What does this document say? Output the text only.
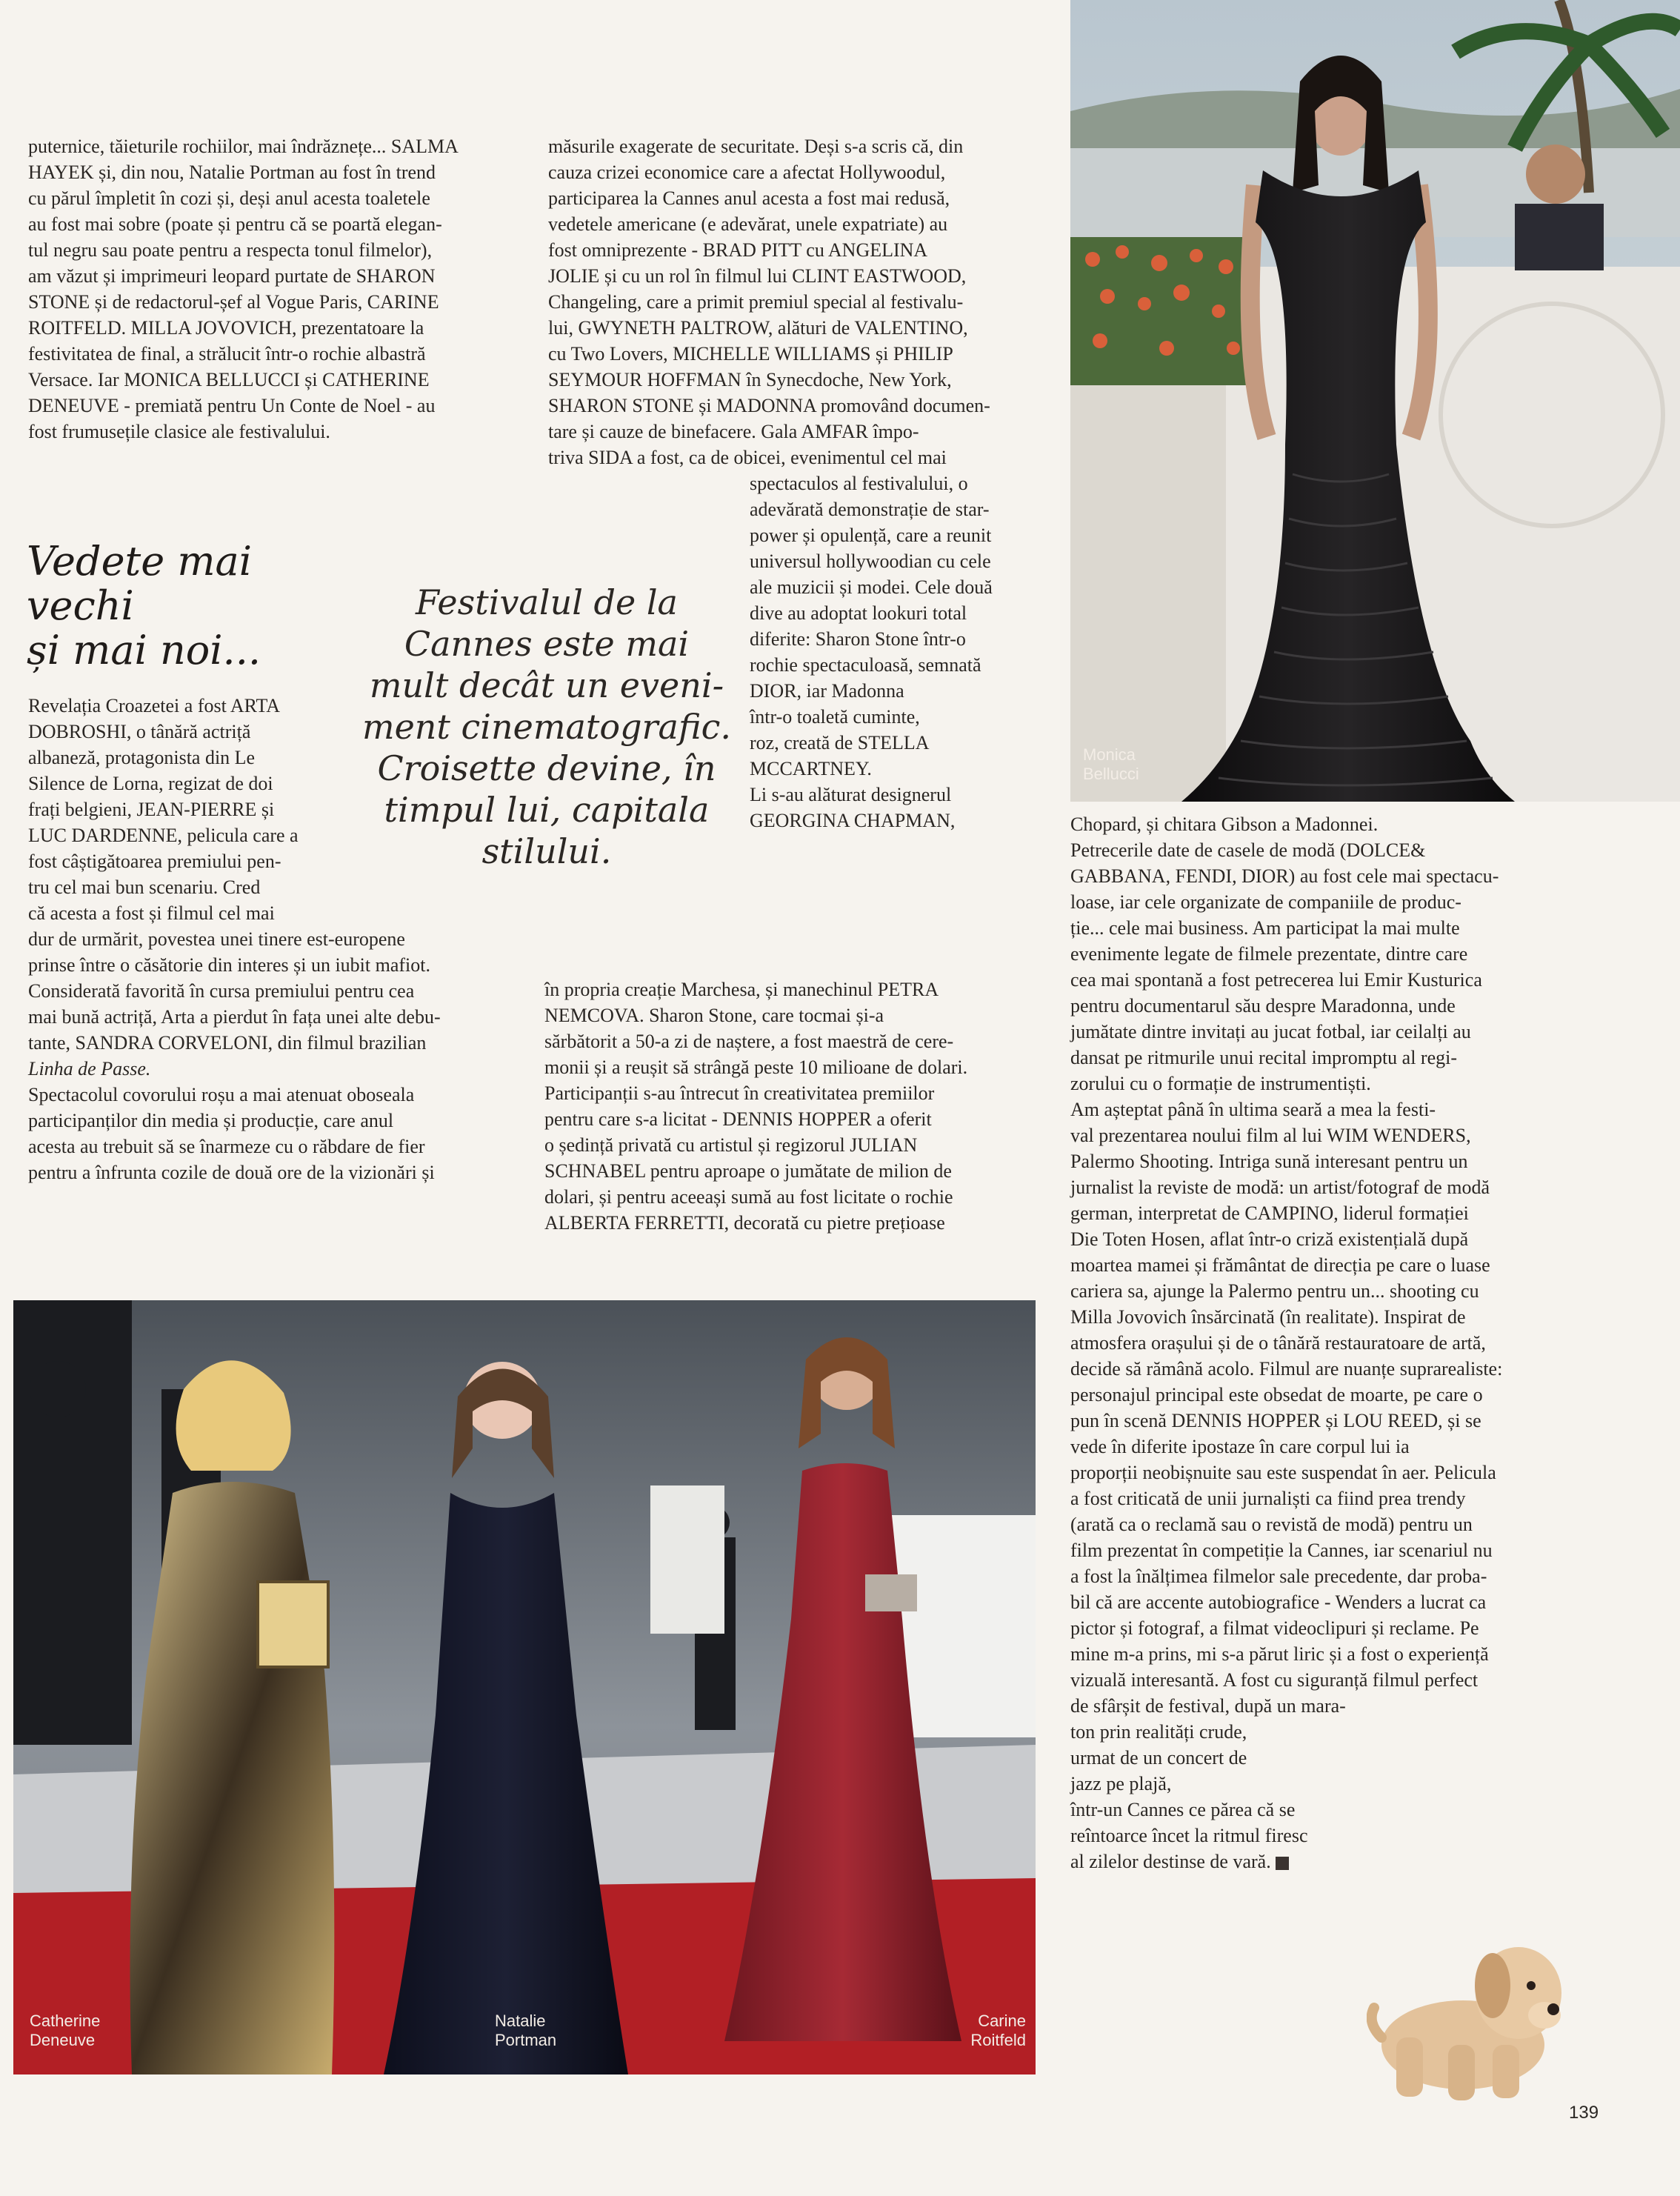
puternice, tăieturile rochiilor, mai îndrăznețe... SALMA
HAYEK și, din nou, Natalie Portman au fost în trend
cu părul împletit în cozi și, deși anul acesta toaletele
au fost mai sobre (poate și pentru că se poartă elegan-
tul negru sau poate pentru a respecta tonul filmelor),
am văzut și imprimeuri leopard purtate de SHARON
STONE și de redactorul-șef al Vogue Paris, CARINE
ROITFELD. MILLA JOVOVICH, prezentatoare la
festivitatea de final, a strălucit într-o rochie albastră
Versace. Iar MONICA BELLUCCI și CATHERINE
DENEUVE - premiată pentru Un Conte de Noel - au
fost frumusețile clasice ale festivalului.
Vedete mai
vechi
și mai noi...
Revelația Croazetei a fost ARTA
DOBROSHI, o tânără actriță
albaneză, protagonista din Le
Silence de Lorna, regizat de doi
frați belgieni, JEAN-PIERRE și
LUC DARDENNE, pelicula care a
fost câștigătoarea premiului pen-
tru cel mai bun scenariu. Cred
că acesta a fost și filmul cel mai
dur de urmărit, povestea unei tinere est-europene
prinse între o căsătorie din interes și un iubit mafiot.
Considerată favorită în cursa premiului pentru cea
mai bună actriță, Arta a pierdut în fața unei alte debu-
tante, SANDRA CORVELONI, din filmul brazilian
Linha de Passe.
Spectacolul covorului roșu a mai atenuat oboseala
participanților din media și producție, care anul
acesta au trebuit să se înarmeze cu o răbdare de fier
pentru a înfrunta cozile de două ore de la vizionări și
Festivalul de la
Cannes este mai
mult decât un eveni-
ment cinematografic.
Croisette devine, în
timpul lui, capitala
stilului.
măsurile exagerate de securitate. Deși s-a scris că, din
cauza crizei economice care a afectat Hollywoodul,
participarea la Cannes anul acesta a fost mai redusă,
vedetele americane (e adevărat, unele expatriate) au
fost omniprezente - BRAD PITT cu ANGELINA
JOLIE și cu un rol în filmul lui CLINT EASTWOOD,
Changeling, care a primit premiul special al festivalu-
lui, GWYNETH PALTROW, alături de VALENTINO,
cu Two Lovers, MICHELLE WILLIAMS și PHILIP
SEYMOUR HOFFMAN în Synecdoche, New York,
SHARON STONE și MADONNA promovând documen-
tare și cauze de binefacere. Gala AMFAR împo-
triva SIDA a fost, ca de obicei, evenimentul cel mai
spectaculos al festivalului, o
adevărată demonstrație de star-
power și opulență, care a reunit
universul hollywoodian cu cele
ale muzicii și modei. Cele două
dive au adoptat lookuri total
diferite: Sharon Stone într-o
rochie spectaculoasă, semnată
DIOR, iar Madonna
într-o toaletă cuminte,
roz, creată de STELLA
MCCARTNEY.
Li s-au alăturat designerul
GEORGINA CHAPMAN,
în propria creație Marchesa, și manechinul PETRA
NEMCOVA. Sharon Stone, care tocmai și-a
sărbătorit a 50-a zi de naștere, a fost maestră de cere-
monii și a reușit să strângă peste 10 milioane de dolari.
Participanții s-au întrecut în creativitatea premiilor
pentru care s-a licitat - DENNIS HOPPER a oferit
o ședință privată cu artistul și regizorul JULIAN
SCHNABEL pentru aproape o jumătate de milion de
dolari, și pentru aceeași sumă au fost licitate o rochie
ALBERTA FERRETTI, decorată cu pietre prețioase
Monica
Bellucci
Catherine
Deneuve
Natalie
Portman
Carine
Roitfeld
Chopard, și chitara Gibson a Madonnei.
Petrecerile date de casele de modă (DOLCE&
GABBANA, FENDI, DIOR) au fost cele mai spectacu-
loase, iar cele organizate de companiile de produc-
ție... cele mai business. Am participat la mai multe
evenimente legate de filmele prezentate, dintre care
cea mai spontană a fost petrecerea lui Emir Kusturica
pentru documentarul său despre Maradonna, unde
jumătate dintre invitați au jucat fotbal, iar ceilalți au
dansat pe ritmurile unui recital impromptu al regi-
zorului cu o formație de instrumentiști.
Am așteptat până în ultima seară a mea la festi-
val prezentarea noului film al lui WIM WENDERS,
Palermo Shooting. Intriga sună interesant pentru un
jurnalist la reviste de modă: un artist/fotograf de modă
german, interpretat de CAMPINO, liderul formației
Die Toten Hosen, aflat într-o criză existențială după
moartea mamei și frământat de direcția pe care o luase
cariera sa, ajunge la Palermo pentru un... shooting cu
Milla Jovovich însărcinată (în realitate). Inspirat de
atmosfera orașului și de o tânără restauratoare de artă,
decide să rămână acolo. Filmul are nuanțe suprarealiste:
personajul principal este obsedat de moarte, pe care o
pun în scenă DENNIS HOPPER și LOU REED, și se
vede în diferite ipostaze în care corpul lui ia
proporții neobișnuite sau este suspendat în aer. Pelicula
a fost criticată de unii jurnaliști ca fiind prea trendy
(arată ca o reclamă sau o revistă de modă) pentru un
film prezentat în competiție la Cannes, iar scenariul nu
a fost la înălțimea filmelor sale precedente, dar proba-
bil că are accente autobiografice - Wenders a lucrat ca
pictor și fotograf, a filmat videoclipuri și reclame. Pe
mine m-a prins, mi s-a părut liric și a fost o experiență
vizuală interesantă. A fost cu siguranță filmul perfect
de sfârșit de festival, după un mara-
ton prin realități crude,
urmat de un concert de
jazz pe plajă,
într-un Cannes ce părea că se
reîntoarce încet la ritmul firesc
al zilelor destinse de vară.
139
